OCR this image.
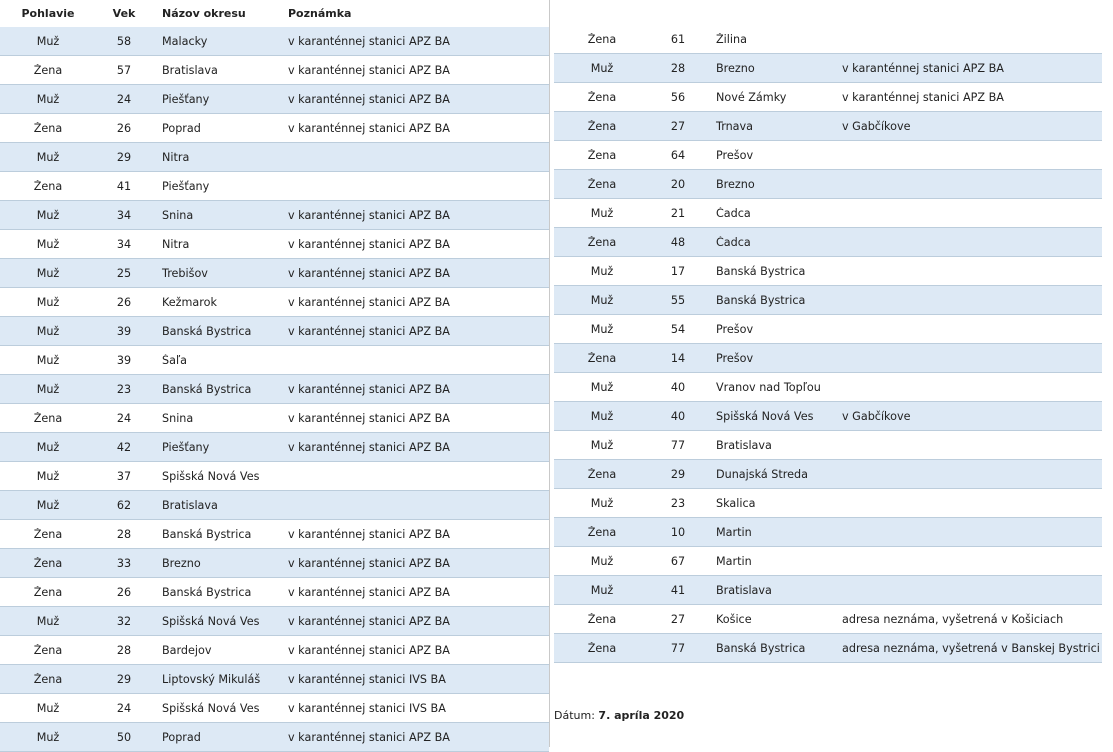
Pohlavie	Vek	Názov okresu	Poznámka
Muž	58	Malacky	v karanténnej stanici APZ BA
Žena	57	Bratislava	v karanténnej stanici APZ BA
Muž	24	Piešťany	v karanténnej stanici APZ BA
Žena	26	Poprad	v karanténnej stanici APZ BA
Muž	29	Nitra
Žena	41	Piešťany
Muž	34	Snina	v karanténnej stanici APZ BA
Muž	34	Nitra	v karanténnej stanici APZ BA
Muž	25	Trebišov	v karanténnej stanici APZ BA
Muž	26	Kežmarok	v karanténnej stanici APZ BA
Muž	39	Banská Bystrica	v karanténnej stanici APZ BA
Muž	39	Šaľa
Muž	23	Banská Bystrica	v karanténnej stanici APZ BA
Žena	24	Snina	v karanténnej stanici APZ BA
Muž	42	Piešťany	v karanténnej stanici APZ BA
Muž	37	Spišská Nová Ves
Muž	62	Bratislava
Žena	28	Banská Bystrica	v karanténnej stanici APZ BA
Žena	33	Brezno	v karanténnej stanici APZ BA
Žena	26	Banská Bystrica	v karanténnej stanici APZ BA
Muž	32	Spišská Nová Ves	v karanténnej stanici APZ BA
Žena	28	Bardejov	v karanténnej stanici APZ BA
Žena	29	Liptovský Mikuláš	v karanténnej stanici IVS BA
Muž	24	Spišská Nová Ves	v karanténnej stanici IVS BA
Muž	50	Poprad	v karanténnej stanici APZ BA
Žena	61	Žilina
Muž	28	Brezno	v karanténnej stanici APZ BA
Žena	56	Nové Zámky	v karanténnej stanici APZ BA
Žena	27	Trnava	v Gabčíkove
Žena	64	Prešov
Žena	20	Brezno
Muž	21	Čadca
Žena	48	Čadca
Muž	17	Banská Bystrica
Muž	55	Banská Bystrica
Muž	54	Prešov
Žena	14	Prešov
Muž	40	Vranov nad Topľou
Muž	40	Spišská Nová Ves	v Gabčíkove
Muž	77	Bratislava
Žena	29	Dunajská Streda
Muž	23	Skalica
Žena	10	Martin
Muž	67	Martin
Muž	41	Bratislava
Žena	27	Košice	adresa neznáma, vyšetrená v Košiciach
Žena	77	Banská Bystrica	adresa neznáma, vyšetrená v Banskej Bystrici
Dátum: 7. apríla 2020
